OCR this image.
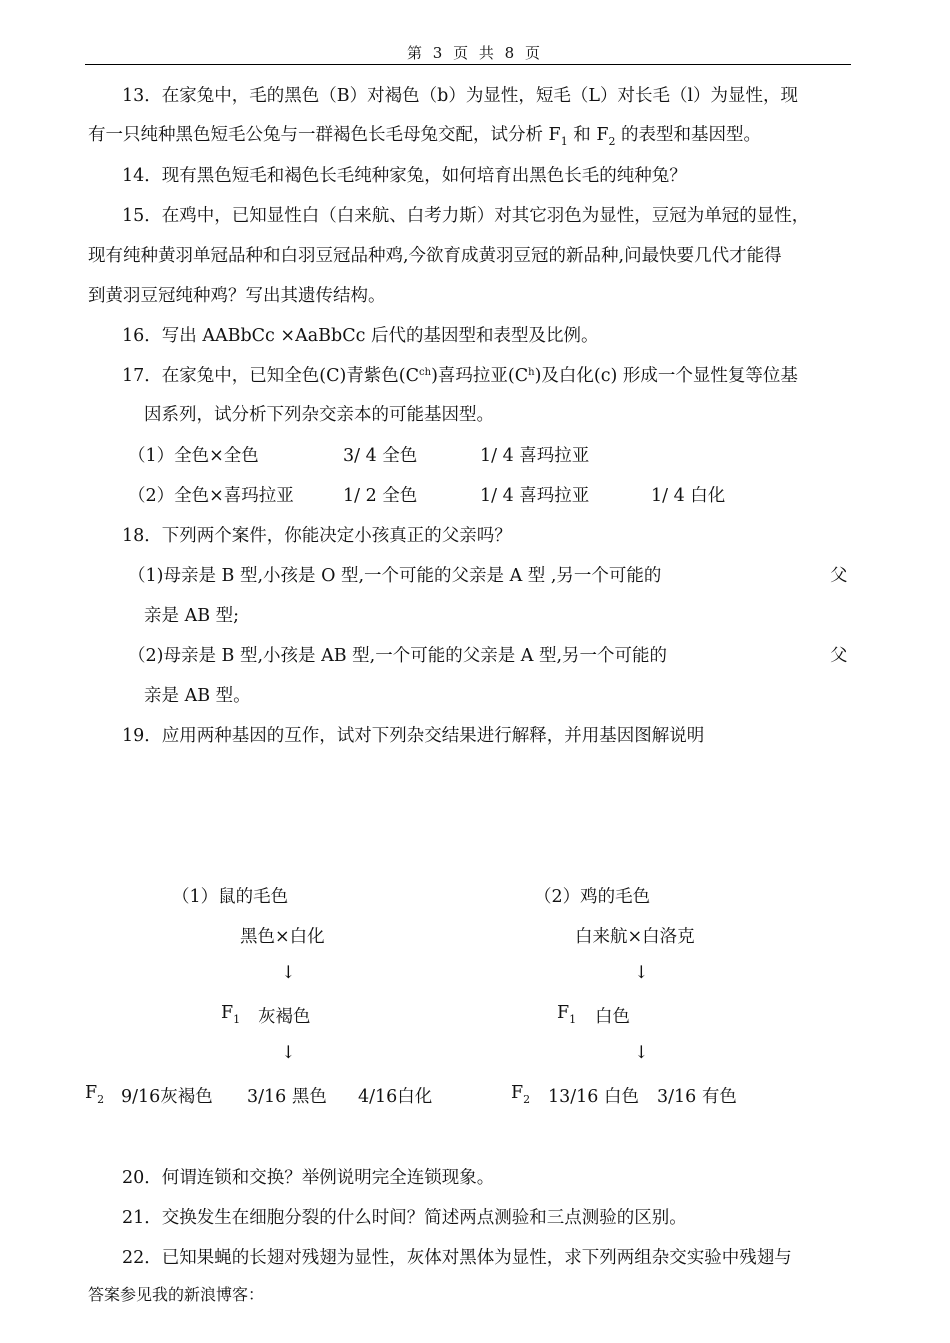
第 3 页 共 8 页
13．在家兔中，毛的黑色（B）对褐色（b）为显性，短毛（L）对长毛（l）为显性，现
有一只纯种黑色短毛公兔与一群褐色长毛母兔交配，试分析 $F_1$ 和 $F_2$ 的表型和基因型。
14．现有黑色短毛和褐色长毛纯种家兔，如何培育出黑色长毛的纯种兔？
15．在鸡中，已知显性白（白来航、白考力斯）对其它羽色为显性，豆冠为单冠的显性，
现有纯种黄羽单冠品种和白羽豆冠品种鸡,今欲育成黄羽豆冠的新品种,问最快要几代才能得
到黄羽豆冠纯种鸡？写出其遗传结构。
16．写出 AABbCc ×AaBbCc 后代的基因型和表型及比例。
17．在家兔中，已知全色(C)青紫色$(C^{ch})$喜玛拉亚$(C^h)$及白化(c) 形成一个显性复等位基
因系列，试分析下列杂交亲本的可能基因型。
（1）全色×全色	3/ 4 全色	1/ 4 喜玛拉亚
（2）全色×喜玛拉亚	1/ 2 全色	1/ 4 喜玛拉亚	1/ 4 白化
18．下列两个案件，你能决定小孩真正的父亲吗？
（1)母亲是 B 型,小孩是 O 型,一个可能的父亲是 A 型 ,另一个可能的	父
亲是 AB 型;
（2)母亲是 B 型,小孩是 AB 型,一个可能的父亲是 A 型,另一个可能的	父
亲是 AB 型。
19．应用两种基因的互作，试对下列杂交结果进行解释，并用基因图解说明
（1）鼠的毛色
黑色×白化
↓
$F_1$ 灰褐色
↓
$F_2$ 9/16灰褐色 3/16 黑色 4/16白化
（2）鸡的毛色
白来航×白洛克
↓
$F_1$ 白色
↓
$F_2$ 13/16 白色 3/16 有色
20．何谓连锁和交换？举例说明完全连锁现象。
21．交换发生在细胞分裂的什么时间？简述两点测验和三点测验的区别。
22．已知果蝇的长翅对残翅为显性，灰体对黑体为显性，求下列两组杂交实验中残翅与
答案参见我的新浪博客：
